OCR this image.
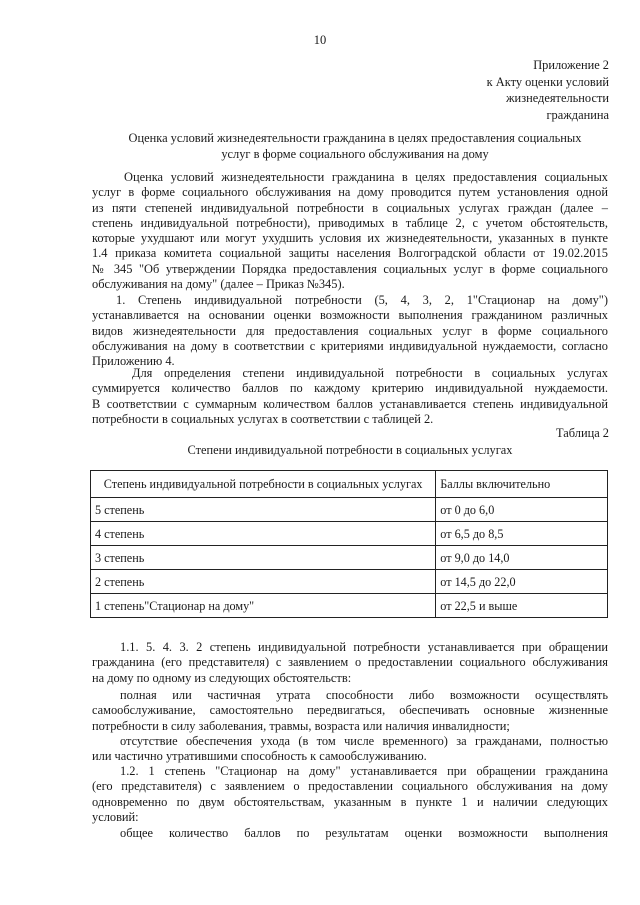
10
Приложение 2
к Акту оценки условий
жизнедеятельности
гражданина
Оценка условий жизнедеятельности гражданина в целях предоставления социальных
услуг в форме социального обслуживания на дому
Оценка условий жизнедеятельности гражданина в целях предоставления социальных
услуг в форме социального обслуживания на дому проводится путем установления одной
из пяти степеней индивидуальной потребности в социальных услугах граждан (далее –
степень индивидуальной потребности), приводимых в таблице 2, с учетом обстоятельств,
которые ухудшают или могут ухудшить условия их жизнедеятельности, указанных в пункте
1.4 приказа комитета социальной защиты населения Волгоградской области от 19.02.2015
№ 345 "Об утверждении Порядка предоставления социальных услуг в форме социального
обслуживания на дому" (далее – Приказ №345).
1. Степень индивидуальной потребности (5, 4, 3, 2, 1"Стационар на дому")
устанавливается на основании оценки возможности выполнения гражданином различных
видов жизнедеятельности для предоставления социальных услуг в форме социального
обслуживания на дому в соответствии с критериями индивидуальной нуждаемости, согласно
Приложению 4.
Для определения степени индивидуальной потребности в социальных услугах
суммируется количество баллов по каждому критерию индивидуальной нуждаемости.
В соответствии с суммарным количеством баллов устанавливается степень индивидуальной
потребности в социальных услугах в соответствии с таблицей 2.
Таблица 2
Степени индивидуальной потребности в социальных услугах
Степень индивидуальной потребности в социальных услугах	Баллы включительно
5 степень	от 0 до 6,0
4 степень	от 6,5 до 8,5
3 степень	от 9,0 до 14,0
2 степень	от 14,5 до 22,0
1 степень"Стационар на дому"	от 22,5 и выше
1.1. 5. 4. 3. 2 степень индивидуальной потребности устанавливается при обращении
гражданина (его представителя) с заявлением о предоставлении социального обслуживания
на дому по одному из следующих обстоятельств:
полная или частичная утрата способности либо возможности осуществлять
самообслуживание, самостоятельно передвигаться, обеспечивать основные жизненные
потребности в силу заболевания, травмы, возраста или наличия инвалидности;
отсутствие обеспечения ухода (в том числе временного) за гражданами, полностью
или частично утратившими способность к самообслуживанию.
1.2. 1 степень "Стационар на дому" устанавливается при обращении гражданина
(его представителя) с заявлением о предоставлении социального обслуживания на дому
одновременно по двум обстоятельствам, указанным в пункте 1 и наличии следующих
условий:
общее количество баллов по результатам оценки возможности выполнения
